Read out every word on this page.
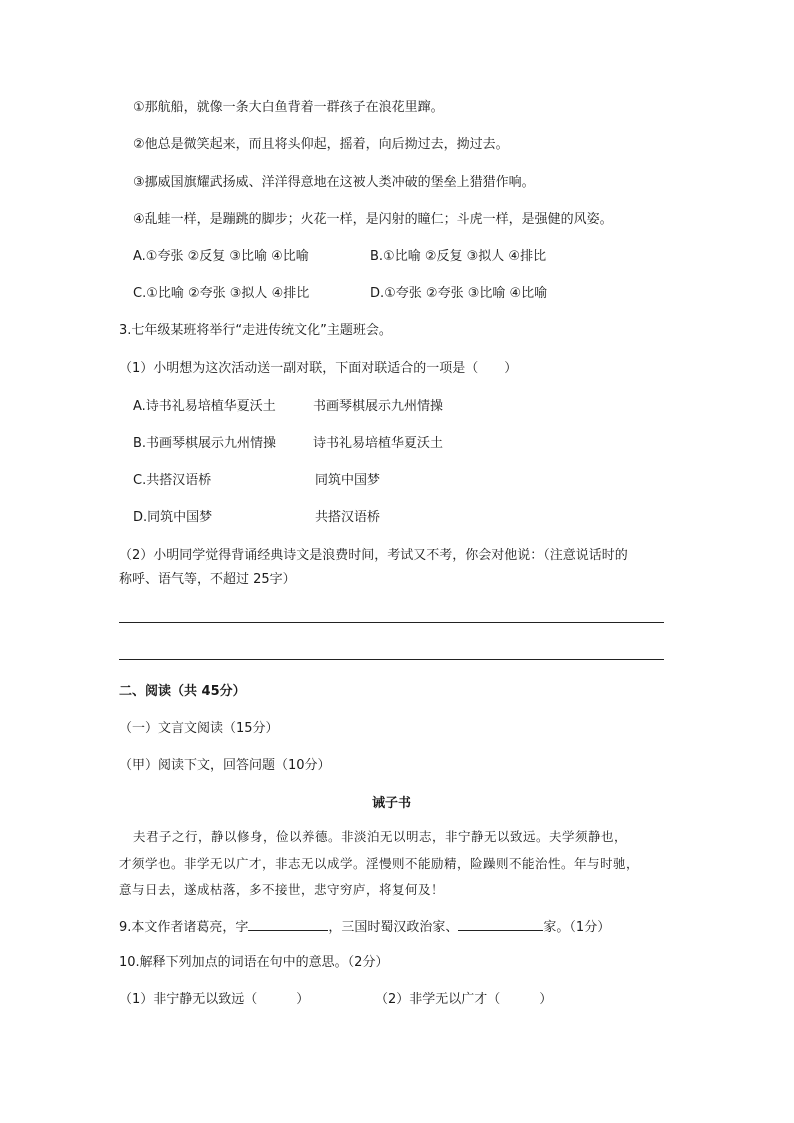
①那航船，就像一条大白鱼背着一群孩子在浪花里蹿。
②他总是微笑起来，而且将头仰起，摇着，向后拗过去，拗过去。
③挪威国旗耀武扬威、洋洋得意地在这被人类冲破的堡垒上猎猎作响。
④乱蛙一样，是蹦跳的脚步；火花一样，是闪射的瞳仁；斗虎一样，是强健的风姿。
A.①夸张 ②反复 ③比喻 ④比喻	B.①比喻 ②反复 ③拟人 ④排比
C.①比喻 ②夸张 ③拟人 ④排比	D.①夸张 ②夸张 ③比喻 ④比喻
3.七年级某班将举行“走进传统文化”主题班会。
（1）小明想为这次活动送一副对联，下面对联适合的一项是（　　）
A.诗书礼易培植华夏沃土	书画琴棋展示九州情操
B.书画琴棋展示九州情操	诗书礼易培植华夏沃土
C.共搭汉语桥	同筑中国梦
D.同筑中国梦	共搭汉语桥
（2）小明同学觉得背诵经典诗文是浪费时间，考试又不考，你会对他说：（注意说话时的
称呼、语气等，不超过 25字）
二、阅读（共 45分）
（一）文言文阅读（15分）
（甲）阅读下文，回答问题（10分）
诫子书
夫君子之行，静以修身，俭以养德。非淡泊无以明志，非宁静无以致远。夫学须静也，
才须学也。非学无以广才，非志无以成学。淫慢则不能励精，险躁则不能治性。年与时驰，
意与日去，遂成枯落，多不接世，悲守穷庐，将复何及！
9.本文作者诸葛亮，字	，三国时蜀汉政治家、	家。（1分）
10.解释下列加点的词语在句中的意思。（2分）
（1）非宁静无以致远（　　　）	（2）非学无以广才（　　　）
